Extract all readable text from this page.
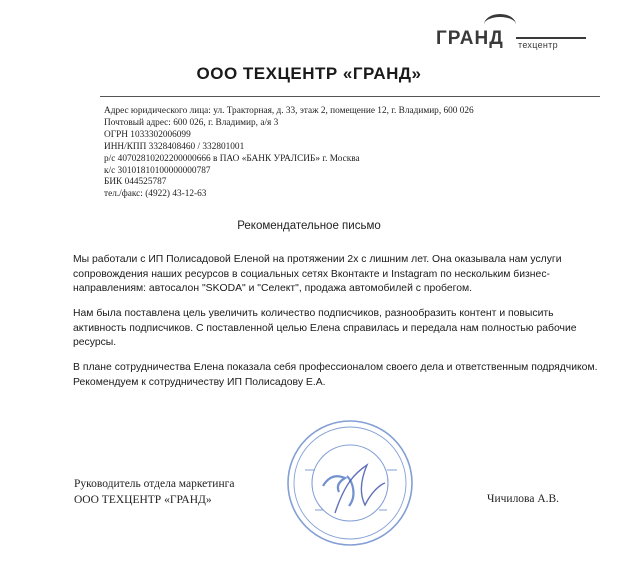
ГРАНД техцентр
ООО ТЕХЦЕНТР «ГРАНД»
Адрес юридического лица: ул. Тракторная, д. 33, этаж 2, помещение 12, г. Владимир, 600 026
Почтовый адрес: 600 026, г. Владимир, а/я 3
ОГРН 1033302006099
ИНН/КПП 3328408460 / 332801001
р/с 40702810202200000666 в ПАО «БАНК УРАЛСИБ» г. Москва
к/с 30101810100000000787
БИК 044525787
тел./факс: (4922) 43-12-63
Рекомендательное письмо
Мы работали с ИП Полисадовой Еленой на протяжении 2х с лишним лет. Она оказывала нам услуги сопровождения наших ресурсов в социальных сетях Вконтакте и Instagram по нескольким бизнес-направлениям: автосалон "SKODA" и "Селект", продажа автомобилей с пробегом.
Нам была поставлена цель увеличить количество подписчиков, разнообразить контент и повысить активность подписчиков. С поставленной целью Елена справилась и передала нам полностью рабочие ресурсы.
В плане сотрудничества Елена показала себя профессионалом своего дела и ответственным подрядчиком. Рекомендуем к сотрудничеству ИП Полисадову Е.А.
Руководитель отдела маркетинга
ООО ТЕХЦЕНТР «ГРАНД»	Чичилова А.В.
